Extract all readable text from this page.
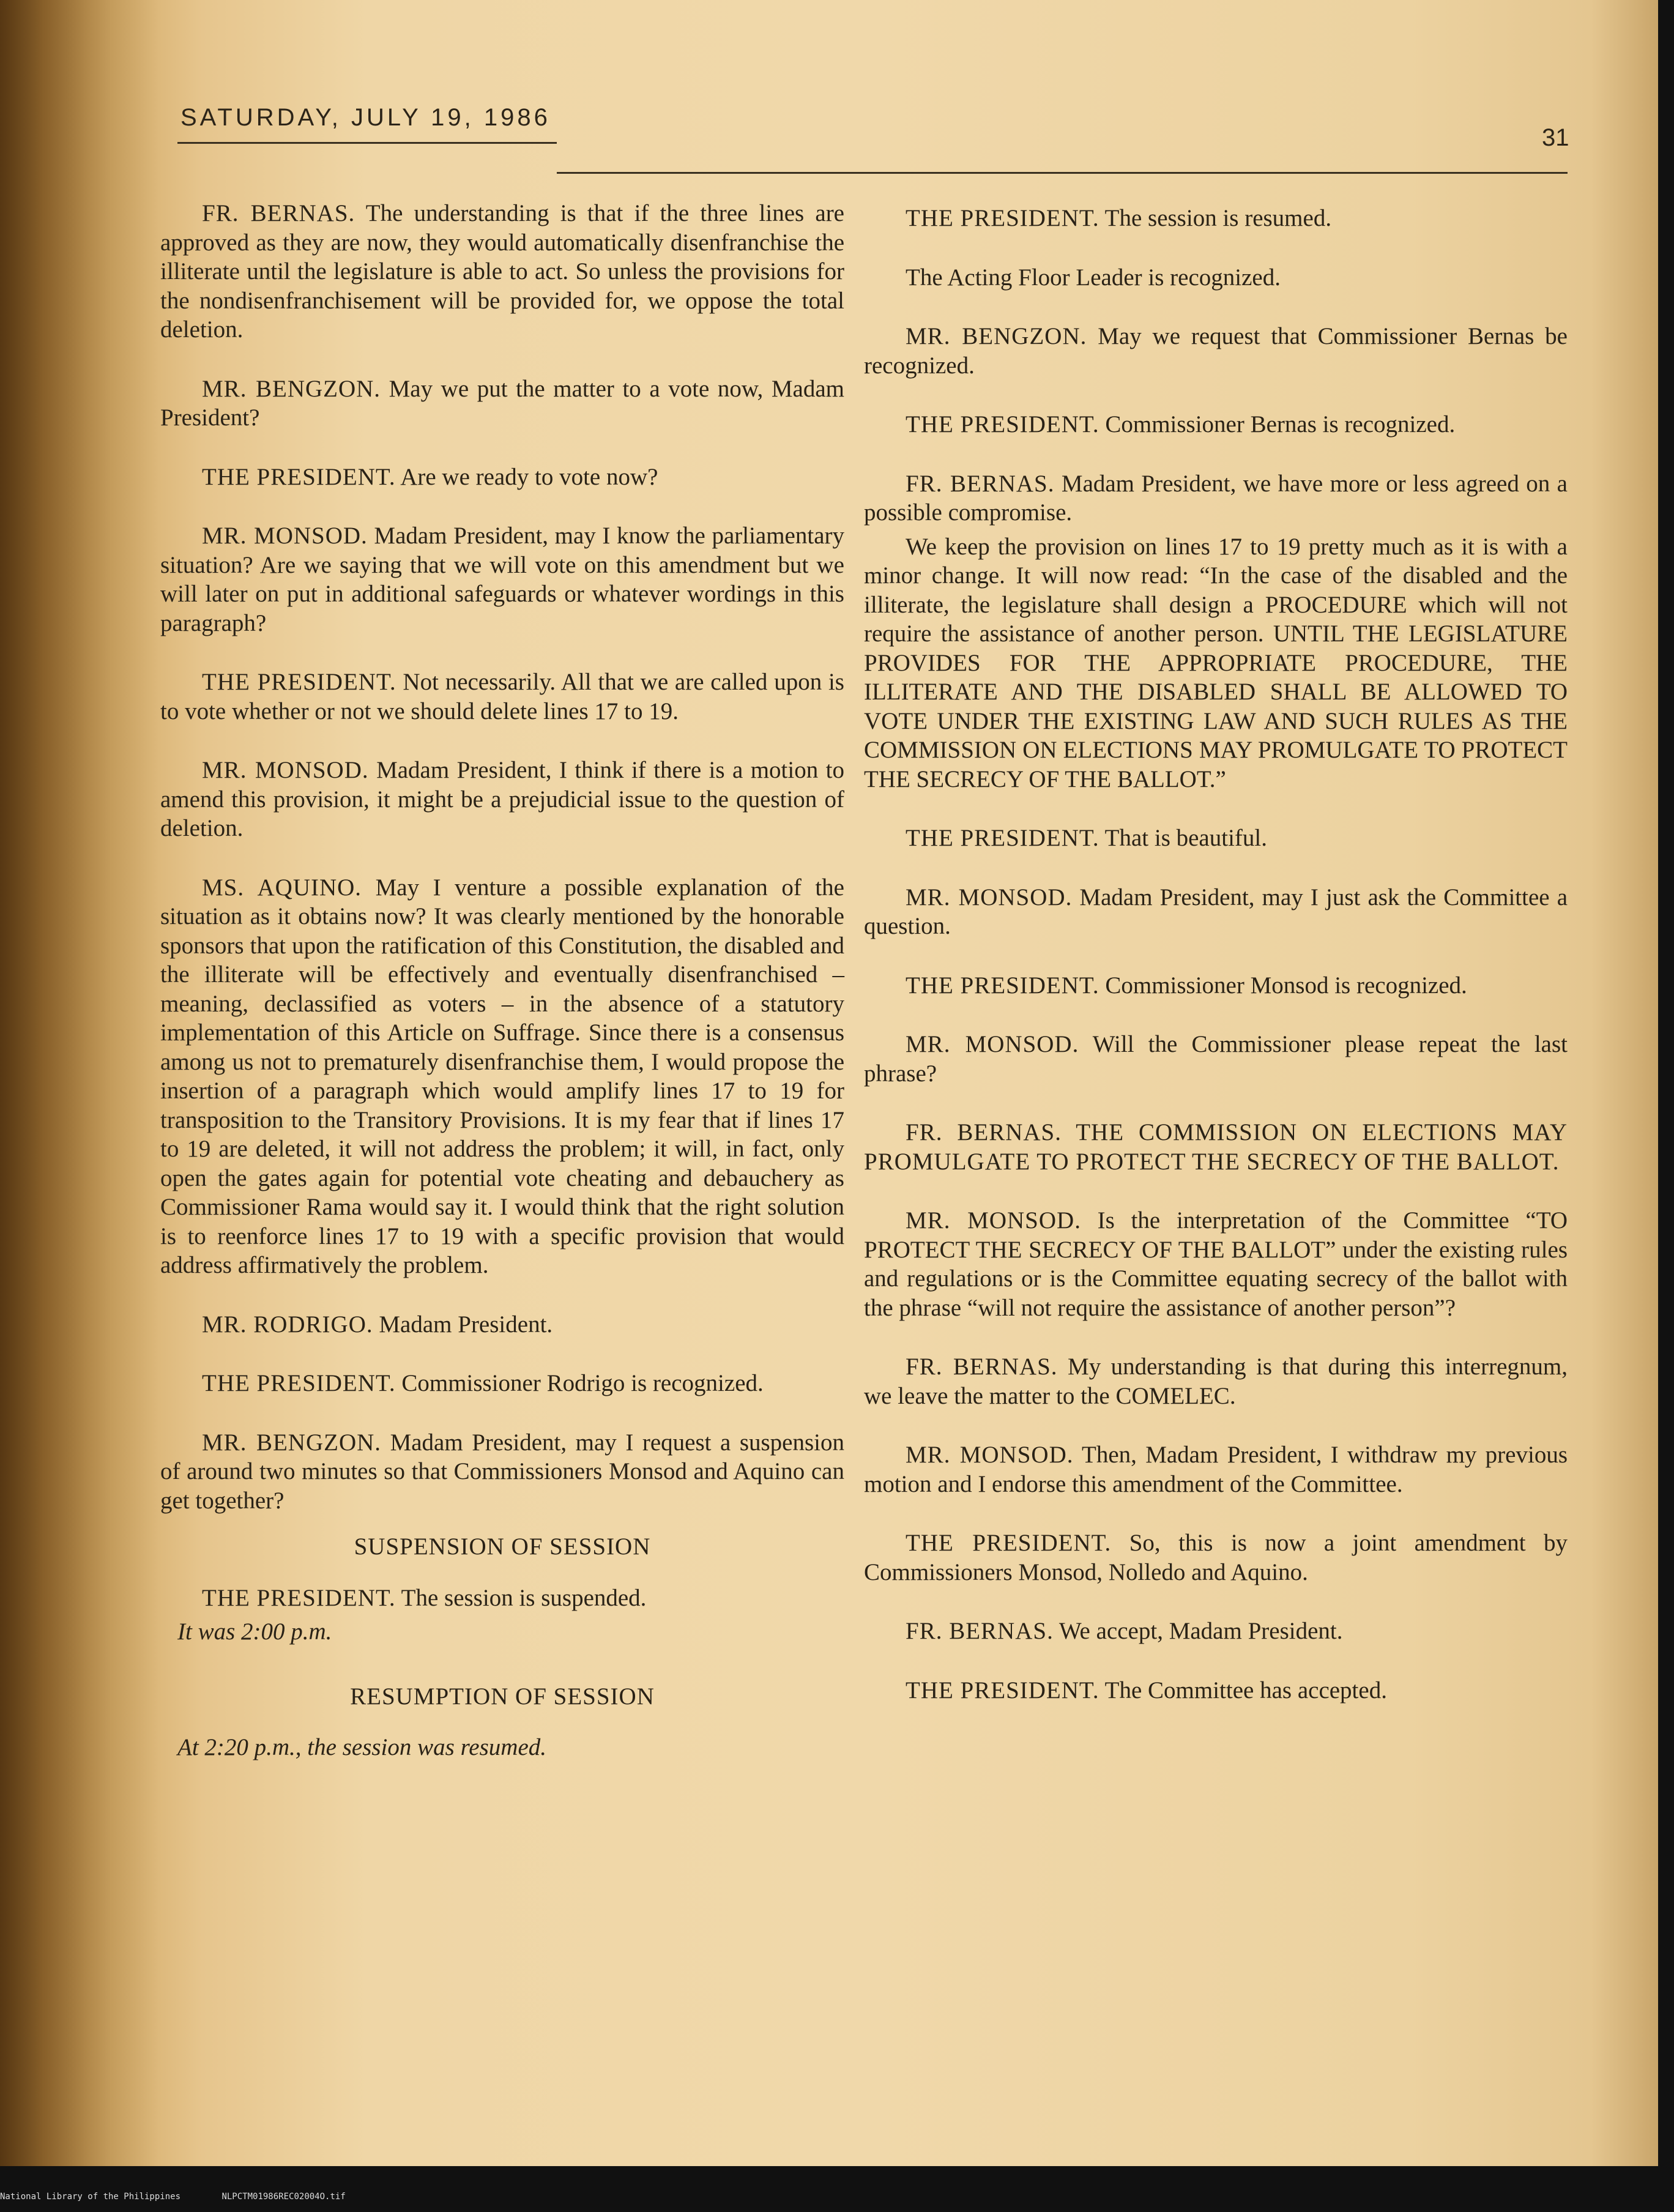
SATURDAY, JULY 19, 1986
31

FR. BERNAS. The understanding is that if the three lines are approved as they are now, they would automatically disenfranchise the illiterate until the legislature is able to act. So unless the provisions for the nondisenfranchisement will be provided for, we oppose the total deletion.

MR. BENGZON. May we put the matter to a vote now, Madam President?

THE PRESIDENT. Are we ready to vote now?

MR. MONSOD. Madam President, may I know the parliamentary situation? Are we saying that we will vote on this amendment but we will later on put in additional safeguards or whatever wordings in this paragraph?

THE PRESIDENT. Not necessarily. All that we are called upon is to vote whether or not we should delete lines 17 to 19.

MR. MONSOD. Madam President, I think if there is a motion to amend this provision, it might be a prejudicial issue to the question of deletion.

MS. AQUINO. May I venture a possible explanation of the situation as it obtains now? It was clearly mentioned by the honorable sponsors that upon the ratification of this Constitution, the disabled and the illiterate will be effectively and eventually disenfranchised – meaning, declassified as voters – in the absence of a statutory implementation of this Article on Suffrage. Since there is a consensus among us not to prematurely disenfranchise them, I would propose the insertion of a paragraph which would amplify lines 17 to 19 for transposition to the Transitory Provisions. It is my fear that if lines 17 to 19 are deleted, it will not address the problem; it will, in fact, only open the gates again for potential vote cheating and debauchery as Commissioner Rama would say it. I would think that the right solution is to reenforce lines 17 to 19 with a specific provision that would address affirmatively the problem.

MR. RODRIGO. Madam President.

THE PRESIDENT. Commissioner Rodrigo is recognized.

MR. BENGZON. Madam President, may I request a suspension of around two minutes so that Commissioners Monsod and Aquino can get together?

SUSPENSION OF SESSION

THE PRESIDENT. The session is suspended.

It was 2:00 p.m.
RESUMPTION OF SESSION
At 2:20 p.m., the session was resumed.

THE PRESIDENT. The session is resumed.

The Acting Floor Leader is recognized.

MR. BENGZON. May we request that Commissioner Bernas be recognized.

THE PRESIDENT. Commissioner Bernas is recognized.

FR. BERNAS. Madam President, we have more or less agreed on a possible compromise.

We keep the provision on lines 17 to 19 pretty much as it is with a minor change. It will now read: “In the case of the disabled and the illiterate, the legislature shall design a PROCEDURE which will not require the assistance of another person. UNTIL THE LEGISLATURE PROVIDES FOR THE APPROPRIATE PROCEDURE, THE ILLITERATE AND THE DISABLED SHALL BE ALLOWED TO VOTE UNDER THE EXISTING LAW AND SUCH RULES AS THE COMMISSION ON ELECTIONS MAY PROMULGATE TO PROTECT THE SECRECY OF THE BALLOT.”

THE PRESIDENT. That is beautiful.

MR. MONSOD. Madam President, may I just ask the Committee a question.

THE PRESIDENT. Commissioner Monsod is recognized.

MR. MONSOD. Will the Commissioner please repeat the last phrase?

FR. BERNAS. THE COMMISSION ON ELECTIONS MAY PROMULGATE TO PROTECT THE SECRECY OF THE BALLOT.

MR. MONSOD. Is the interpretation of the Committee “TO PROTECT THE SECRECY OF THE BALLOT” under the existing rules and regulations or is the Committee equating secrecy of the ballot with the phrase “will not require the assistance of another person”?

FR. BERNAS. My understanding is that during this interregnum, we leave the matter to the COMELEC.

MR. MONSOD. Then, Madam President, I withdraw my previous motion and I endorse this amendment of the Committee.

THE PRESIDENT. So, this is now a joint amendment by Commissioners Monsod, Nolledo and Aquino.

FR. BERNAS. We accept, Madam President.

THE PRESIDENT. The Committee has accepted.

National Library of the Philippines	NLPCTM01986REC02004O.tif
